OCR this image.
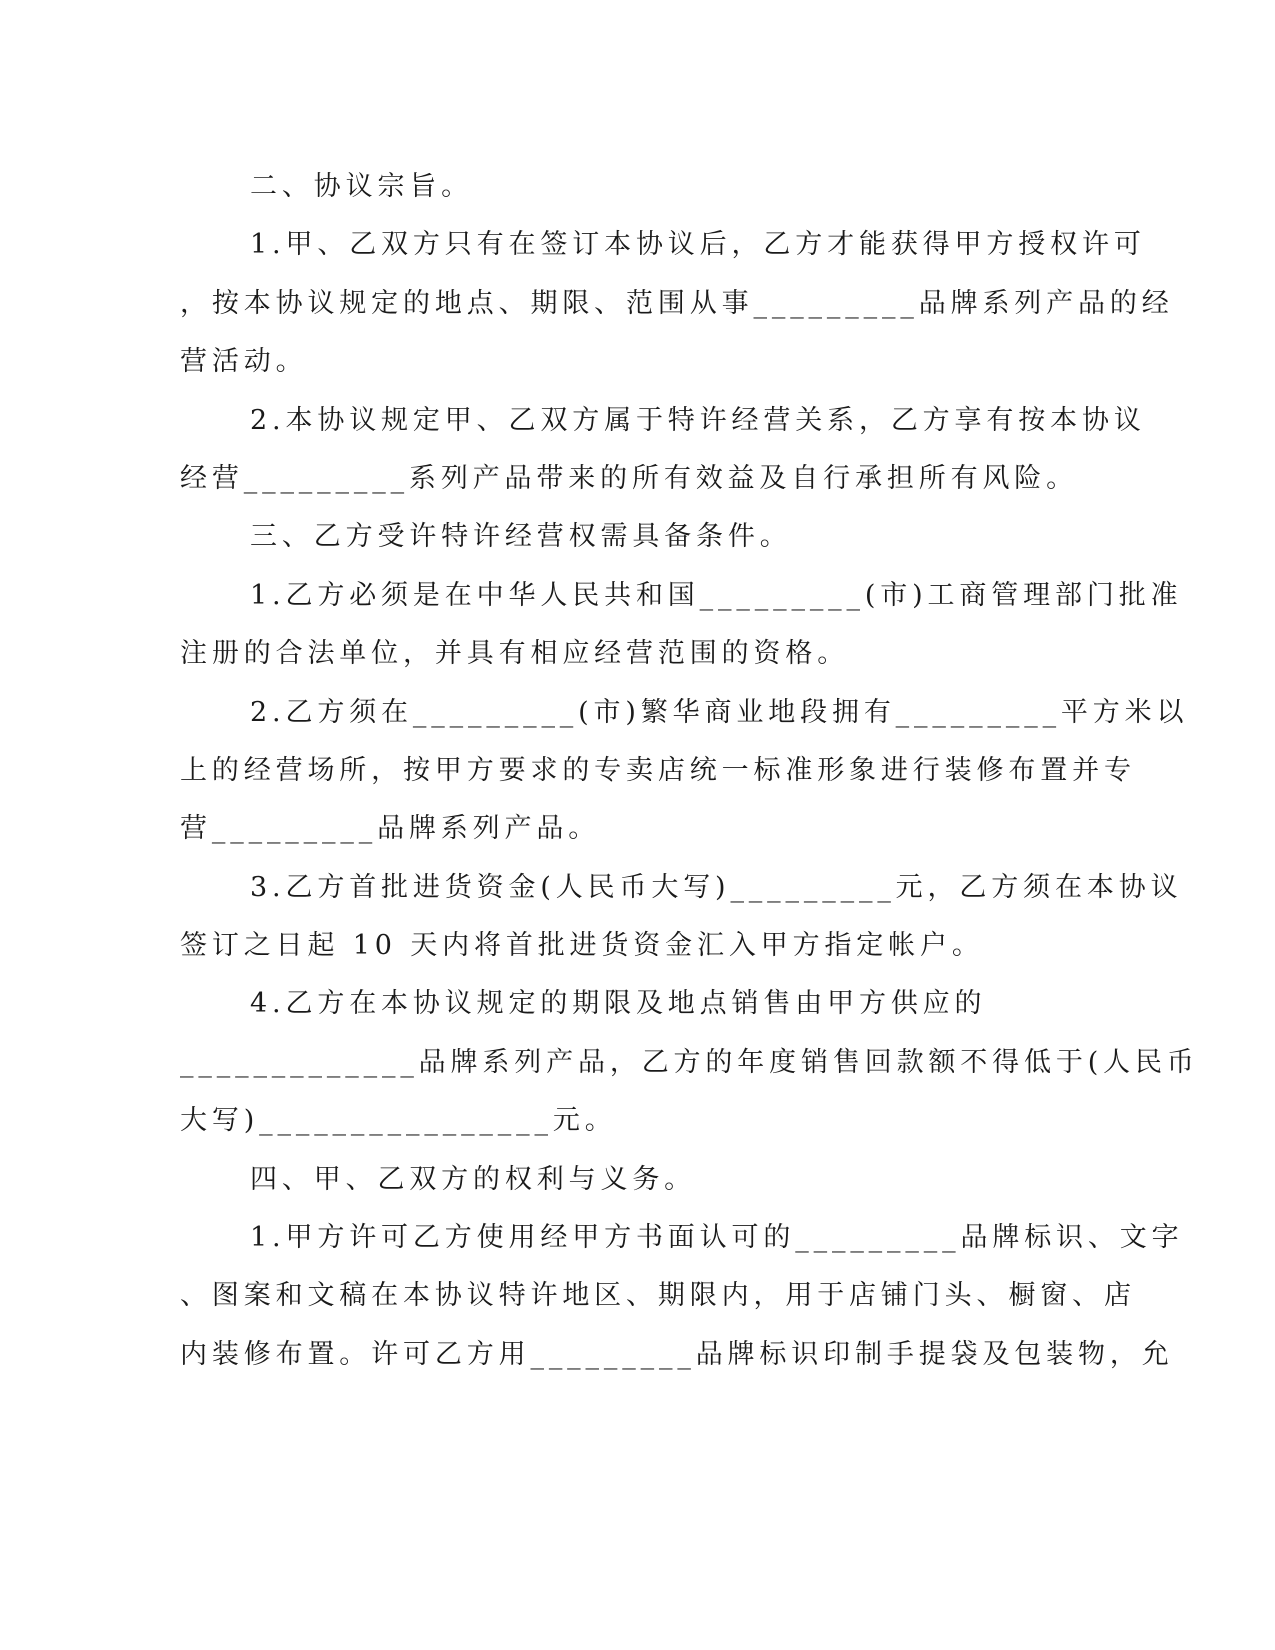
二、协议宗旨。

1.甲、乙双方只有在签订本协议后，乙方才能获得甲方授权许可

，按本协议规定的地点、期限、范围从事_________品牌系列产品的经

营活动。

2.本协议规定甲、乙双方属于特许经营关系，乙方享有按本协议

经营_________系列产品带来的所有效益及自行承担所有风险。

三、乙方受许特许经营权需具备条件。

1.乙方必须是在中华人民共和国_________(市)工商管理部门批准

注册的合法单位，并具有相应经营范围的资格。

2.乙方须在_________(市)繁华商业地段拥有_________平方米以

上的经营场所，按甲方要求的专卖店统一标准形象进行装修布置并专

营_________品牌系列产品。

3.乙方首批进货资金(人民币大写)_________元，乙方须在本协议

签订之日起 10 天内将首批进货资金汇入甲方指定帐户。

4.乙方在本协议规定的期限及地点销售由甲方供应的

_____________品牌系列产品，乙方的年度销售回款额不得低于(人民币

大写)________________元。

四、甲、乙双方的权利与义务。

1.甲方许可乙方使用经甲方书面认可的_________品牌标识、文字

、图案和文稿在本协议特许地区、期限内，用于店铺门头、橱窗、店

内装修布置。许可乙方用_________品牌标识印制手提袋及包装物，允
